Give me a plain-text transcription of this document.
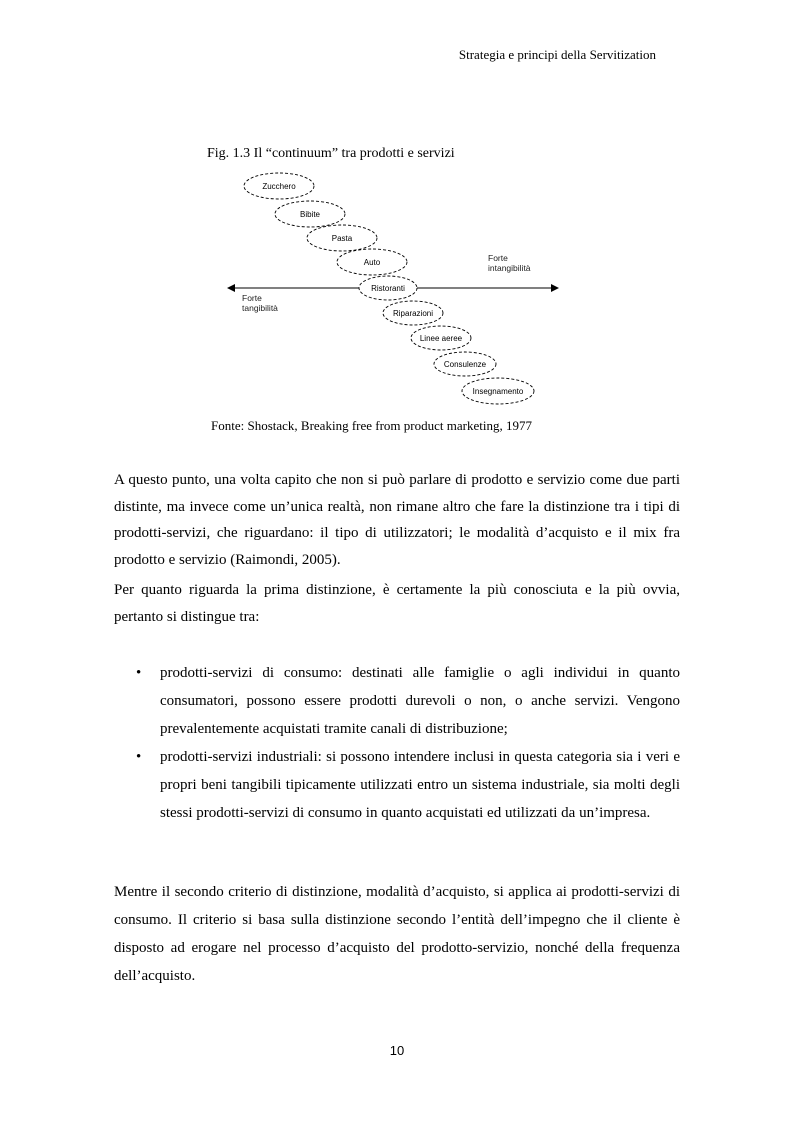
Strategia e principi della Servitization
Fig. 1.3 Il “continuum” tra prodotti e servizi
Zucchero
Bibite
Pasta
Auto
Ristoranti
Riparazioni
Linee aeree
Consulenze
Insegnamento
Forte
tangibilità
Forte
intangibilità
Fonte: Shostack, Breaking free from product marketing, 1977

A questo punto, una volta capito che non si può parlare di prodotto e servizio come due parti distinte, ma invece come un’unica realtà, non rimane altro che fare la distinzione tra i tipi di prodotti-servizi, che riguardano: il tipo di utilizzatori; le modalità d’acquisto e il mix fra prodotto e servizio (Raimondi, 2005).

Per quanto riguarda la prima distinzione, è certamente la più conosciuta e la più ovvia, pertanto si distingue tra:

• prodotti-servizi di consumo: destinati alle famiglie o agli individui in quanto consumatori, possono essere prodotti durevoli o non, o anche servizi. Vengono prevalentemente acquistati tramite canali di distribuzione;
• prodotti-servizi industriali: si possono intendere inclusi in questa categoria sia i veri e propri beni tangibili tipicamente utilizzati entro un sistema industriale, sia molti degli stessi prodotti-servizi di consumo in quanto acquistati ed utilizzati da un’impresa.

Mentre il secondo criterio di distinzione, modalità d’acquisto, si applica ai prodotti-servizi di consumo. Il criterio si basa sulla distinzione secondo l’entità dell’impegno che il cliente è disposto ad erogare nel processo d’acquisto del prodotto-servizio, nonché della frequenza dell’acquisto.

10
